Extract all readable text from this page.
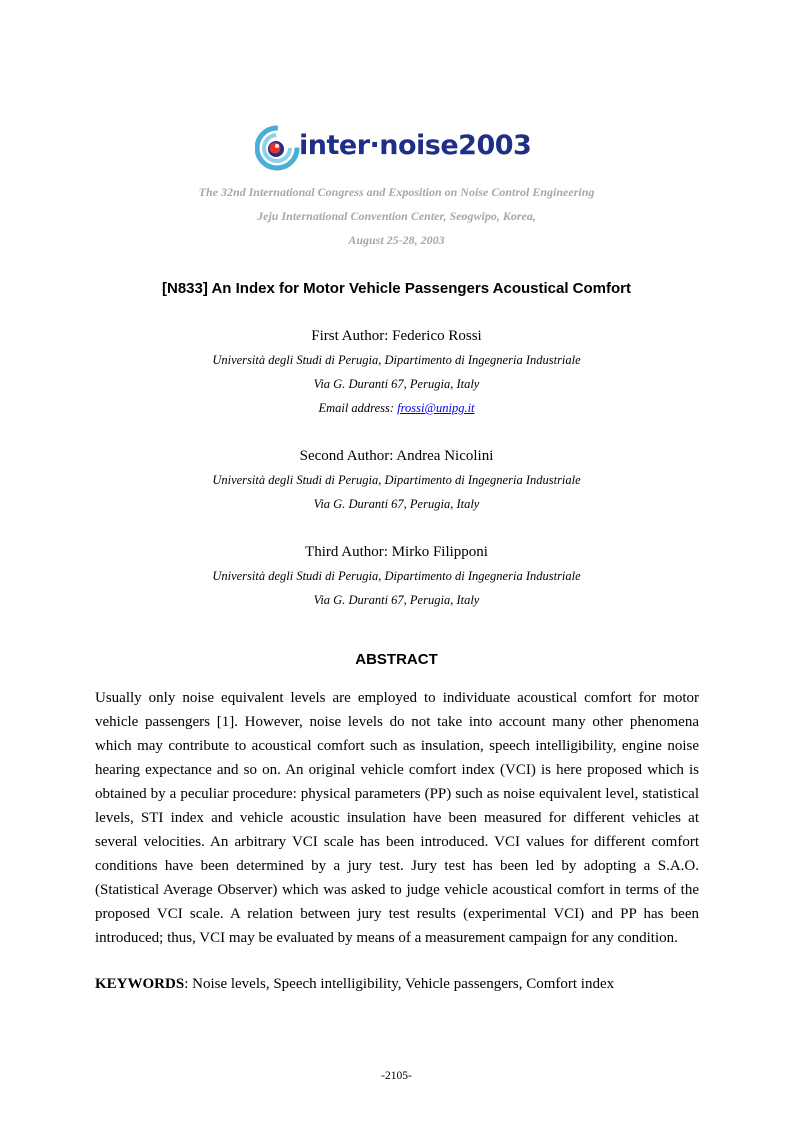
inter·noise2003
The 32nd International Congress and Exposition on Noise Control Engineering
Jeju International Convention Center, Seogwipo, Korea,
August 25-28, 2003
[N833] An Index for Motor Vehicle Passengers Acoustical Comfort
First Author: Federico Rossi
Università degli Studi di Perugia, Dipartimento di Ingegneria Industriale
Via G. Duranti 67, Perugia, Italy
Email address: frossi@unipg.it
Second Author: Andrea Nicolini
Università degli Studi di Perugia, Dipartimento di Ingegneria Industriale
Via G. Duranti 67, Perugia, Italy
Third Author: Mirko Filipponi
Università degli Studi di Perugia, Dipartimento di Ingegneria Industriale
Via G. Duranti 67, Perugia, Italy
ABSTRACT

Usually only noise equivalent levels are employed to individuate acoustical comfort for motor vehicle passengers [1]. However, noise levels do not take into account many other phenomena which may contribute to acoustical comfort such as insulation, speech intelligibility, engine noise hearing expectance and so on. An original vehicle comfort index (VCI) is here proposed which is obtained by a peculiar procedure: physical parameters (PP) such as noise equivalent level, statistical levels, STI index and vehicle acoustic insulation have been measured for different vehicles at several velocities. An arbitrary VCI scale has been introduced. VCI values for different comfort conditions have been determined by a jury test. Jury test has been led by adopting a S.A.O. (Statistical Average Observer) which was asked to judge vehicle acoustical comfort in terms of the proposed VCI scale. A relation between jury test results (experimental VCI) and PP has been introduced; thus, VCI may be evaluated by means of a measurement campaign for any condition.

KEYWORDS: Noise levels, Speech intelligibility, Vehicle passengers, Comfort index
-2105-
